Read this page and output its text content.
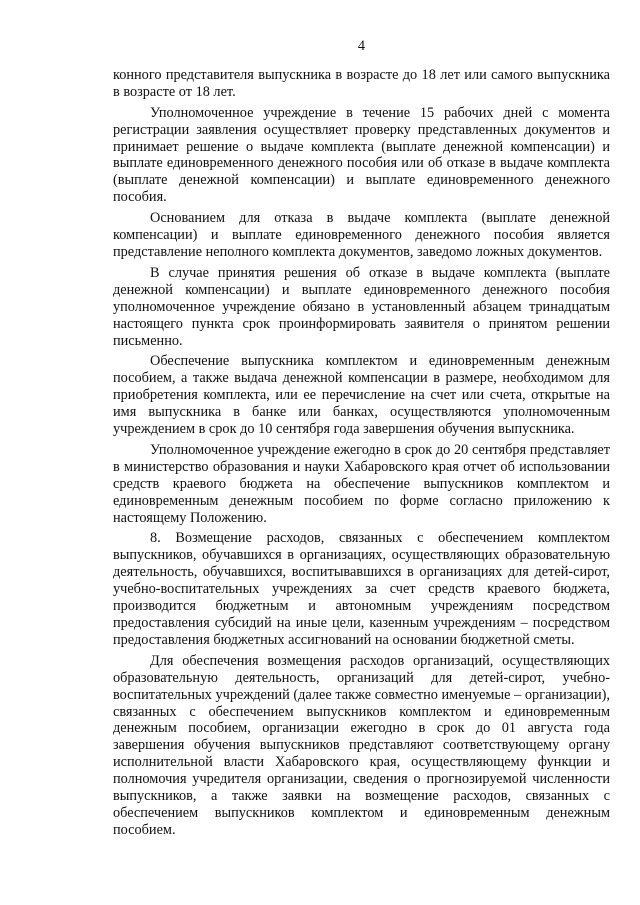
4

конного представителя выпускника в возрасте до 18 лет или самого выпускника в возрасте от 18 лет.

Уполномоченное учреждение в течение 15 рабочих дней с момента регистрации заявления осуществляет проверку представленных документов и принимает решение о выдаче комплекта (выплате денежной компенсации) и выплате единовременного денежного пособия или об отказе в выдаче комплекта (выплате денежной компенсации) и выплате единовременного денежного пособия.

Основанием для отказа в выдаче комплекта (выплате денежной компенсации) и выплате единовременного денежного пособия является представление неполного комплекта документов, заведомо ложных документов.

В случае принятия решения об отказе в выдаче комплекта (выплате денежной компенсации) и выплате единовременного денежного пособия уполномоченное учреждение обязано в установленный абзацем тринадцатым настоящего пункта срок проинформировать заявителя о принятом решении письменно.

Обеспечение выпускника комплектом и единовременным денежным пособием, а также выдача денежной компенсации в размере, необходимом для приобретения комплекта, или ее перечисление на счет или счета, открытые на имя выпускника в банке или банках, осуществляются уполномоченным учреждением в срок до 10 сентября года завершения обучения выпускника.

Уполномоченное учреждение ежегодно в срок до 20 сентября представляет в министерство образования и науки Хабаровского края отчет об использовании средств краевого бюджета на обеспечение выпускников комплектом и единовременным денежным пособием по форме согласно приложению к настоящему Положению.

8. Возмещение расходов, связанных с обеспечением комплектом выпускников, обучавшихся в организациях, осуществляющих образовательную деятельность, обучавшихся, воспитывавшихся в организациях для детей-сирот, учебно-воспитательных учреждениях за счет средств краевого бюджета, производится бюджетным и автономным учреждениям посредством предоставления субсидий на иные цели, казенным учреждениям – посредством предоставления бюджетных ассигнований на основании бюджетной сметы.

Для обеспечения возмещения расходов организаций, осуществляющих образовательную деятельность, организаций для детей-сирот, учебно-воспитательных учреждений (далее также совместно именуемые – организации), связанных с обеспечением выпускников комплектом и единовременным денежным пособием, организации ежегодно в срок до 01 августа года завершения обучения выпускников представляют соответствующему органу исполнительной власти Хабаровского края, осуществляющему функции и полномочия учредителя организации, сведения о прогнозируемой численности выпускников, а также заявки на возмещение расходов, связанных с обеспечением выпускников комплектом и единовременным денежным пособием.
